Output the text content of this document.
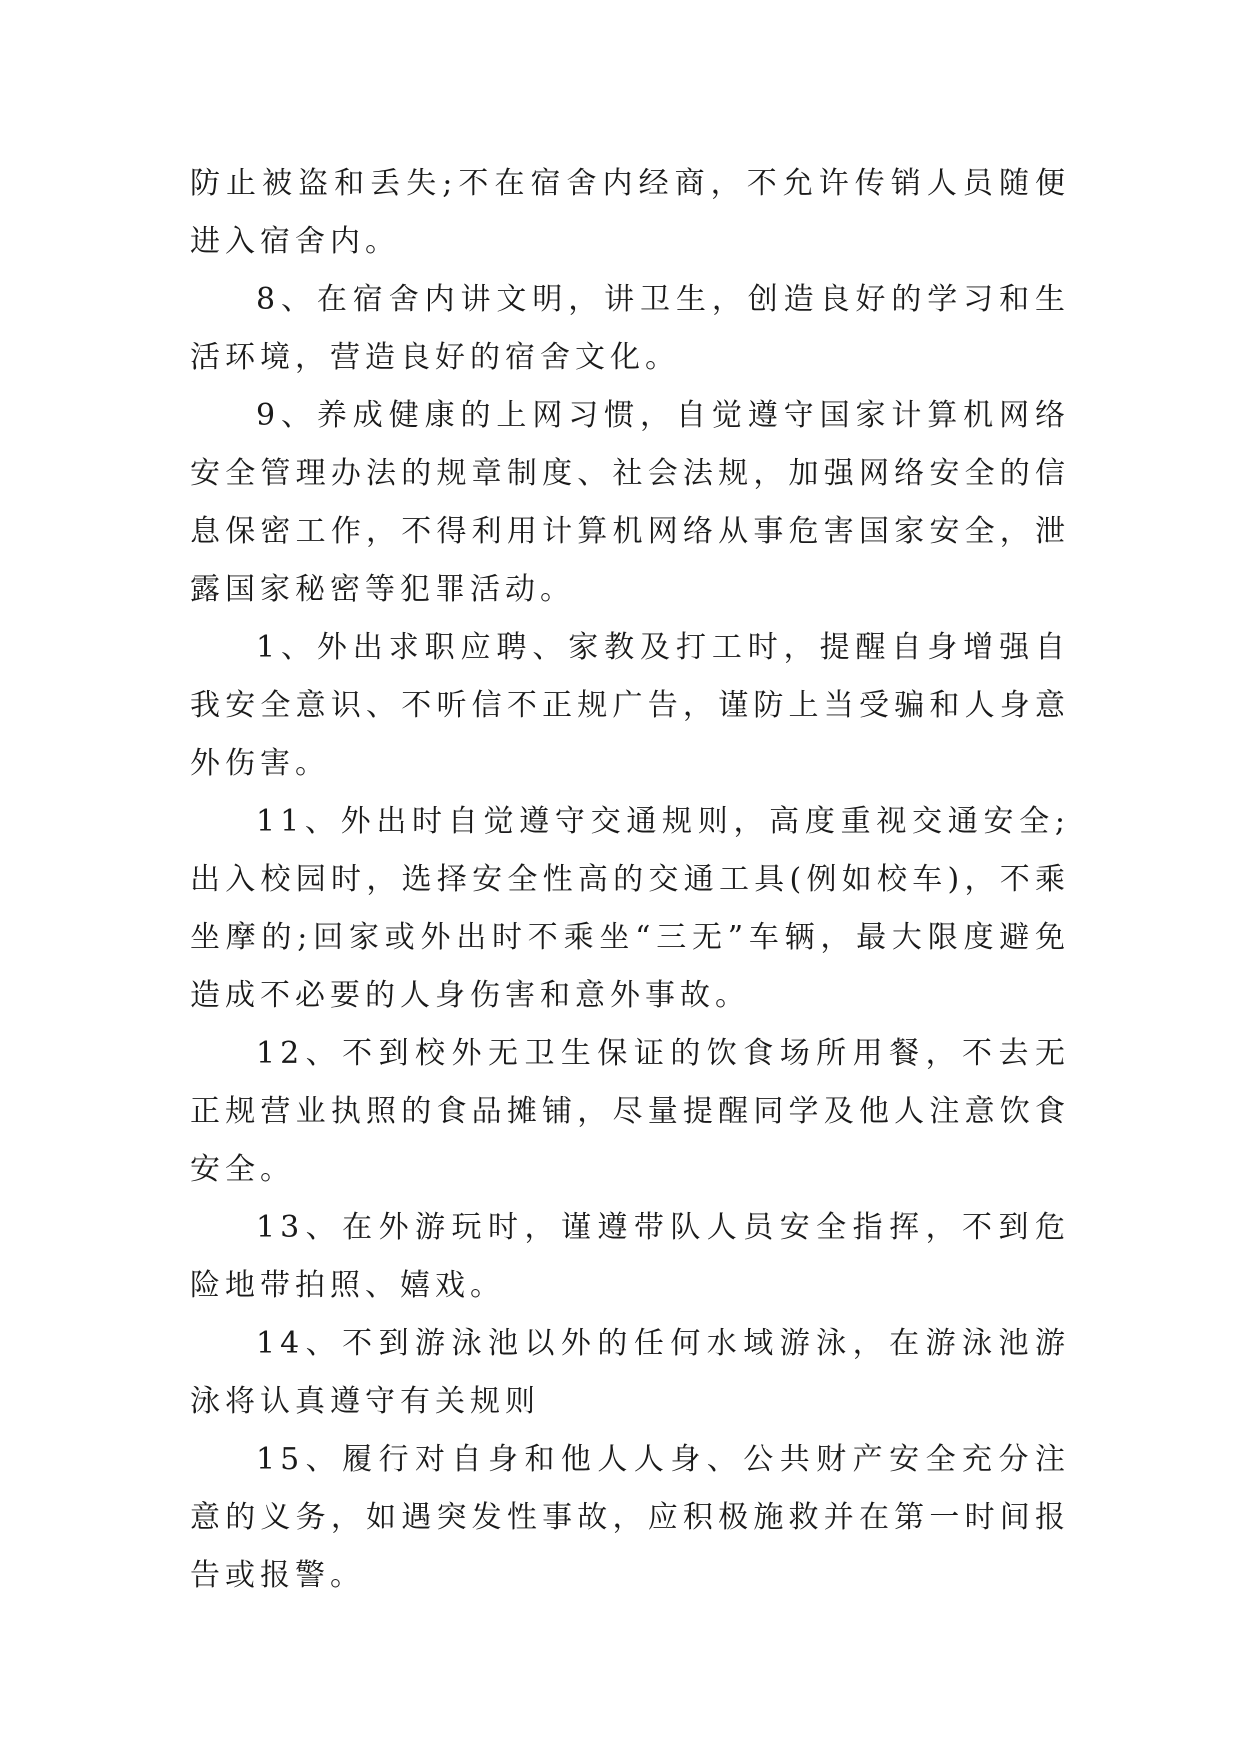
防止被盗和丢失;不在宿舍内经商，不允许传销人员随便进入宿舍内。

8、在宿舍内讲文明，讲卫生，创造良好的学习和生活环境，营造良好的宿舍文化。

9、养成健康的上网习惯，自觉遵守国家计算机网络安全管理办法的规章制度、社会法规，加强网络安全的信息保密工作，不得利用计算机网络从事危害国家安全，泄露国家秘密等犯罪活动。

1、外出求职应聘、家教及打工时，提醒自身增强自我安全意识、不听信不正规广告，谨防上当受骗和人身意外伤害。

11、外出时自觉遵守交通规则，高度重视交通安全;出入校园时，选择安全性高的交通工具(例如校车)，不乘坐摩的;回家或外出时不乘坐“三无”车辆，最大限度避免造成不必要的人身伤害和意外事故。

12、不到校外无卫生保证的饮食场所用餐，不去无正规营业执照的食品摊铺，尽量提醒同学及他人注意饮食安全。

13、在外游玩时，谨遵带队人员安全指挥，不到危险地带拍照、嬉戏。

14、不到游泳池以外的任何水域游泳，在游泳池游泳将认真遵守有关规则

15、履行对自身和他人人身、公共财产安全充分注意的义务，如遇突发性事故，应积极施救并在第一时间报告或报警。
